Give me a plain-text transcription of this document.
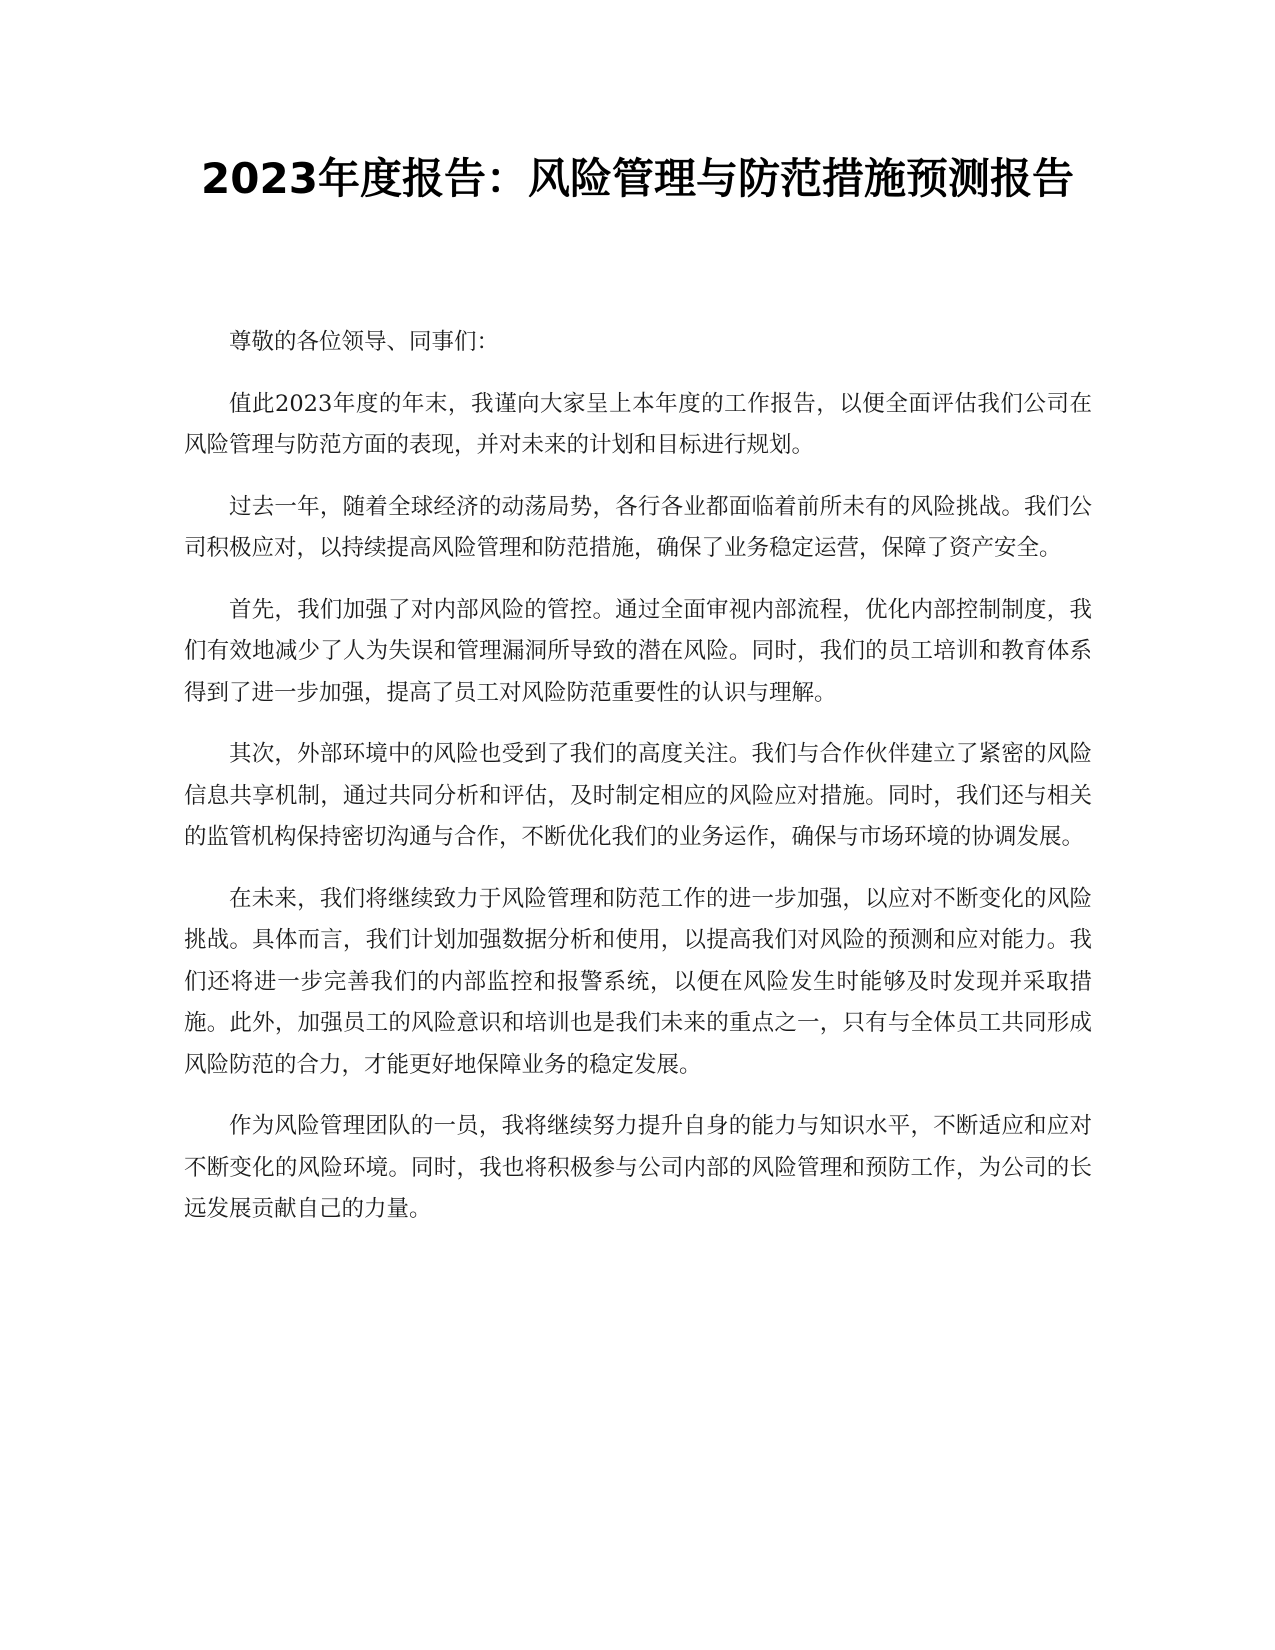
2023年度报告：风险管理与防范措施预测报告

尊敬的各位领导、同事们：

值此2023年度的年末，我谨向大家呈上本年度的工作报告，以便全面评估我们公司在风险管理与防范方面的表现，并对未来的计划和目标进行规划。

过去一年，随着全球经济的动荡局势，各行各业都面临着前所未有的风险挑战。我们公司积极应对，以持续提高风险管理和防范措施，确保了业务稳定运营，保障了资产安全。

首先，我们加强了对内部风险的管控。通过全面审视内部流程，优化内部控制制度，我们有效地减少了人为失误和管理漏洞所导致的潜在风险。同时，我们的员工培训和教育体系得到了进一步加强，提高了员工对风险防范重要性的认识与理解。

其次，外部环境中的风险也受到了我们的高度关注。我们与合作伙伴建立了紧密的风险信息共享机制，通过共同分析和评估，及时制定相应的风险应对措施。同时，我们还与相关的监管机构保持密切沟通与合作，不断优化我们的业务运作，确保与市场环境的协调发展。

在未来，我们将继续致力于风险管理和防范工作的进一步加强，以应对不断变化的风险挑战。具体而言，我们计划加强数据分析和使用，以提高我们对风险的预测和应对能力。我们还将进一步完善我们的内部监控和报警系统，以便在风险发生时能够及时发现并采取措施。此外，加强员工的风险意识和培训也是我们未来的重点之一，只有与全体员工共同形成风险防范的合力，才能更好地保障业务的稳定发展。

作为风险管理团队的一员，我将继续努力提升自身的能力与知识水平，不断适应和应对不断变化的风险环境。同时，我也将积极参与公司内部的风险管理和预防工作，为公司的长远发展贡献自己的力量。
